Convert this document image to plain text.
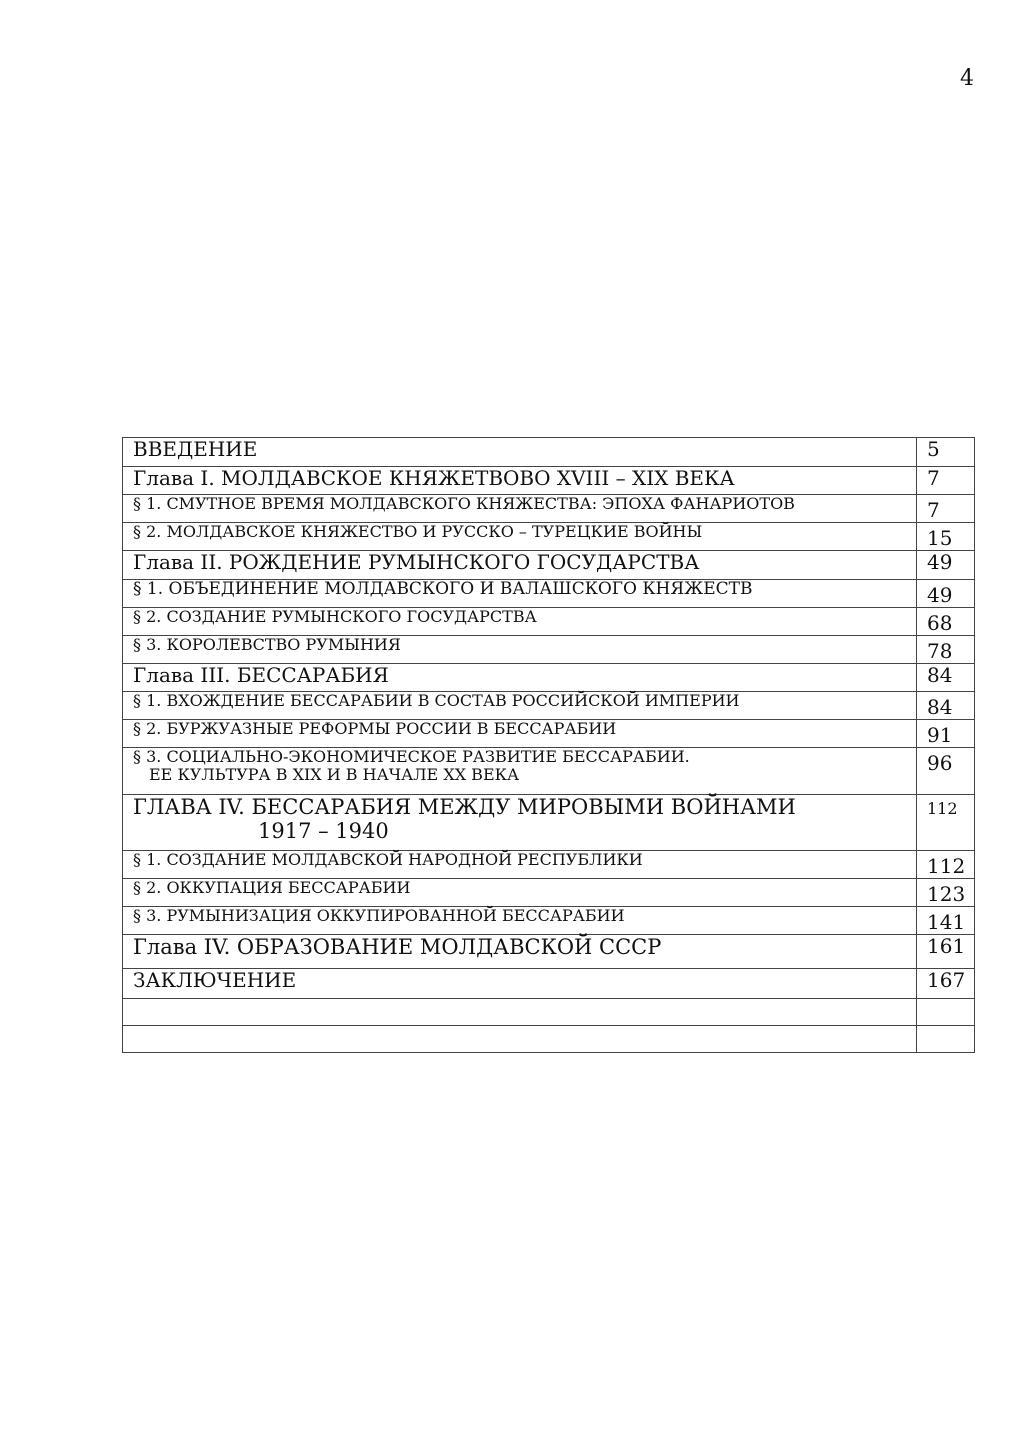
4
ВВЕДЕНИЕ	5
Глава I. МОЛДАВСКОЕ КНЯЖЕТВОВО XVIII – XIX ВЕКА	7
§ 1. СМУТНОЕ ВРЕМЯ МОЛДАВСКОГО КНЯЖЕСТВА: ЭПОХА ФАНАРИОТОВ	7
§ 2. МОЛДАВСКОЕ КНЯЖЕСТВО И РУССКО – ТУРЕЦКИЕ ВОЙНЫ	15
Глава II. РОЖДЕНИЕ РУМЫНСКОГО ГОСУДАРСТВА	49
§ 1. ОБЪЕДИНЕНИЕ МОЛДАВСКОГО И ВАЛАШСКОГО КНЯЖЕСТВ	49
§ 2. СОЗДАНИЕ РУМЫНСКОГО ГОСУДАРСТВА	68
§ 3. КОРОЛЕВСТВО РУМЫНИЯ	78
Глава III. БЕССАРАБИЯ	84
§ 1. ВХОЖДЕНИЕ БЕССАРАБИИ В СОСТАВ РОССИЙСКОЙ ИМПЕРИИ	84
§ 2. БУРЖУАЗНЫЕ РЕФОРМЫ РОССИИ В БЕССАРАБИИ	91

§ 3. СОЦИАЛЬНО-ЭКОНОМИЧЕСКОЕ РАЗВИТИЕ БЕССАРАБИИ.
ЕЕ КУЛЬТУРА В XIX И В НАЧАЛЕ XX ВЕКА	96

ГЛАВА IV. БЕССАРАБИЯ МЕЖДУ МИРОВЫМИ ВОЙНАМИ
1917 – 1940	112
§ 1. СОЗДАНИЕ МОЛДАВСКОЙ НАРОДНОЙ РЕСПУБЛИКИ	112
§ 2. ОККУПАЦИЯ БЕССАРАБИИ	123
§ 3. РУМЫНИЗАЦИЯ ОККУПИРОВАННОЙ БЕССАРАБИИ	141
Глава IV. ОБРАЗОВАНИЕ МОЛДАВСКОЙ СССР	161
ЗАКЛЮЧЕНИЕ	167
